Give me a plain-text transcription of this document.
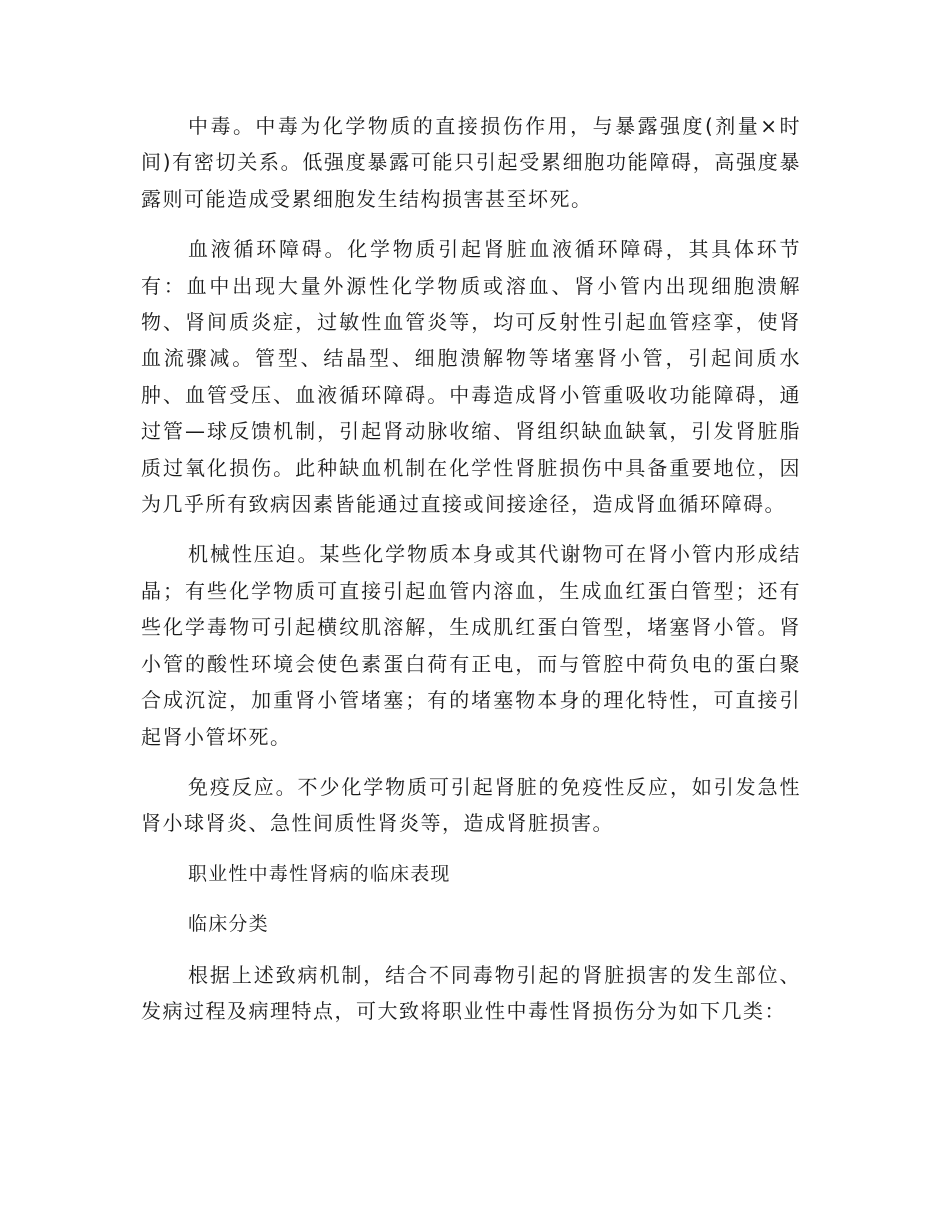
中毒。中毒为化学物质的直接损伤作用，与暴露强度(剂量×时间)有密切关系。低强度暴露可能只引起受累细胞功能障碍，高强度暴露则可能造成受累细胞发生结构损害甚至坏死。

血液循环障碍。化学物质引起肾脏血液循环障碍，其具体环节有：血中出现大量外源性化学物质或溶血、肾小管内出现细胞溃解物、肾间质炎症，过敏性血管炎等，均可反射性引起血管痉挛，使肾血流骤减。管型、结晶型、细胞溃解物等堵塞肾小管，引起间质水肿、血管受压、血液循环障碍。中毒造成肾小管重吸收功能障碍，通过管—球反馈机制，引起肾动脉收缩、肾组织缺血缺氧，引发肾脏脂质过氧化损伤。此种缺血机制在化学性肾脏损伤中具备重要地位，因为几乎所有致病因素皆能通过直接或间接途径，造成肾血循环障碍。

机械性压迫。某些化学物质本身或其代谢物可在肾小管内形成结晶；有些化学物质可直接引起血管内溶血，生成血红蛋白管型；还有些化学毒物可引起横纹肌溶解，生成肌红蛋白管型，堵塞肾小管。肾小管的酸性环境会使色素蛋白荷有正电，而与管腔中荷负电的蛋白聚合成沉淀，加重肾小管堵塞；有的堵塞物本身的理化特性，可直接引起肾小管坏死。

免疫反应。不少化学物质可引起肾脏的免疫性反应，如引发急性肾小球肾炎、急性间质性肾炎等，造成肾脏损害。

职业性中毒性肾病的临床表现

临床分类

根据上述致病机制，结合不同毒物引起的肾脏损害的发生部位、发病过程及病理特点，可大致将职业性中毒性肾损伤分为如下几类：
